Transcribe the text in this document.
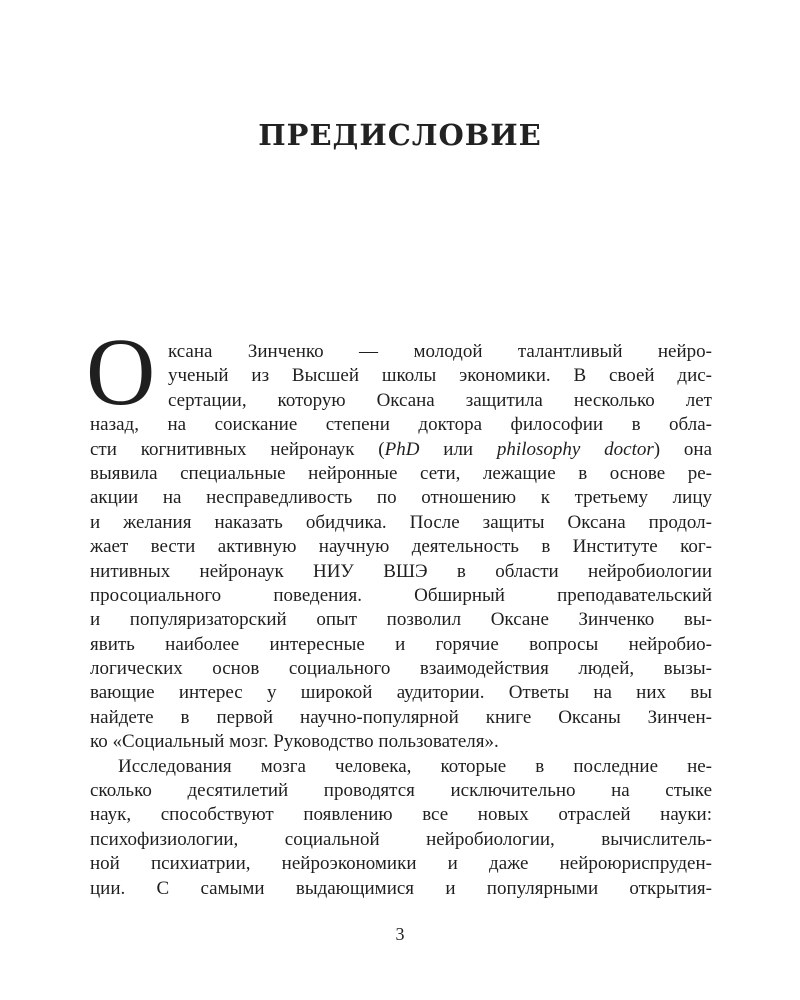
ПРЕДИСЛОВИЕ
О ксана Зинченко — молодой талантливый нейро-
ученый из Высшей школы экономики. В своей дис-
сертации, которую Оксана защитила несколько лет
назад, на соискание степени доктора философии в обла-
сти когнитивных нейронаук (PhD или philosophy doctor) она
выявила специальные нейронные сети, лежащие в основе ре-
акции на несправедливость по отношению к третьему лицу
и желания наказать обидчика. После защиты Оксана продол-
жает вести активную научную деятельность в Институте ког-
нитивных нейронаук НИУ ВШЭ в области нейробиологии
просоциального поведения. Обширный преподавательский
и популяризаторский опыт позволил Оксане Зинченко вы-
явить наиболее интересные и горячие вопросы нейробио-
логических основ социального взаимодействия людей, вызы-
вающие интерес у широкой аудитории. Ответы на них вы
найдете в первой научно-популярной книге Оксаны Зинчен-
ко «Социальный мозг. Руководство пользователя».
Исследования мозга человека, которые в последние не-
сколько десятилетий проводятся исключительно на стыке
наук, способствуют появлению все новых отраслей науки:
психофизиологии, социальной нейробиологии, вычислитель-
ной психиатрии, нейроэкономики и даже нейроюриспруден-
ции. С самыми выдающимися и популярными открытия-
3
